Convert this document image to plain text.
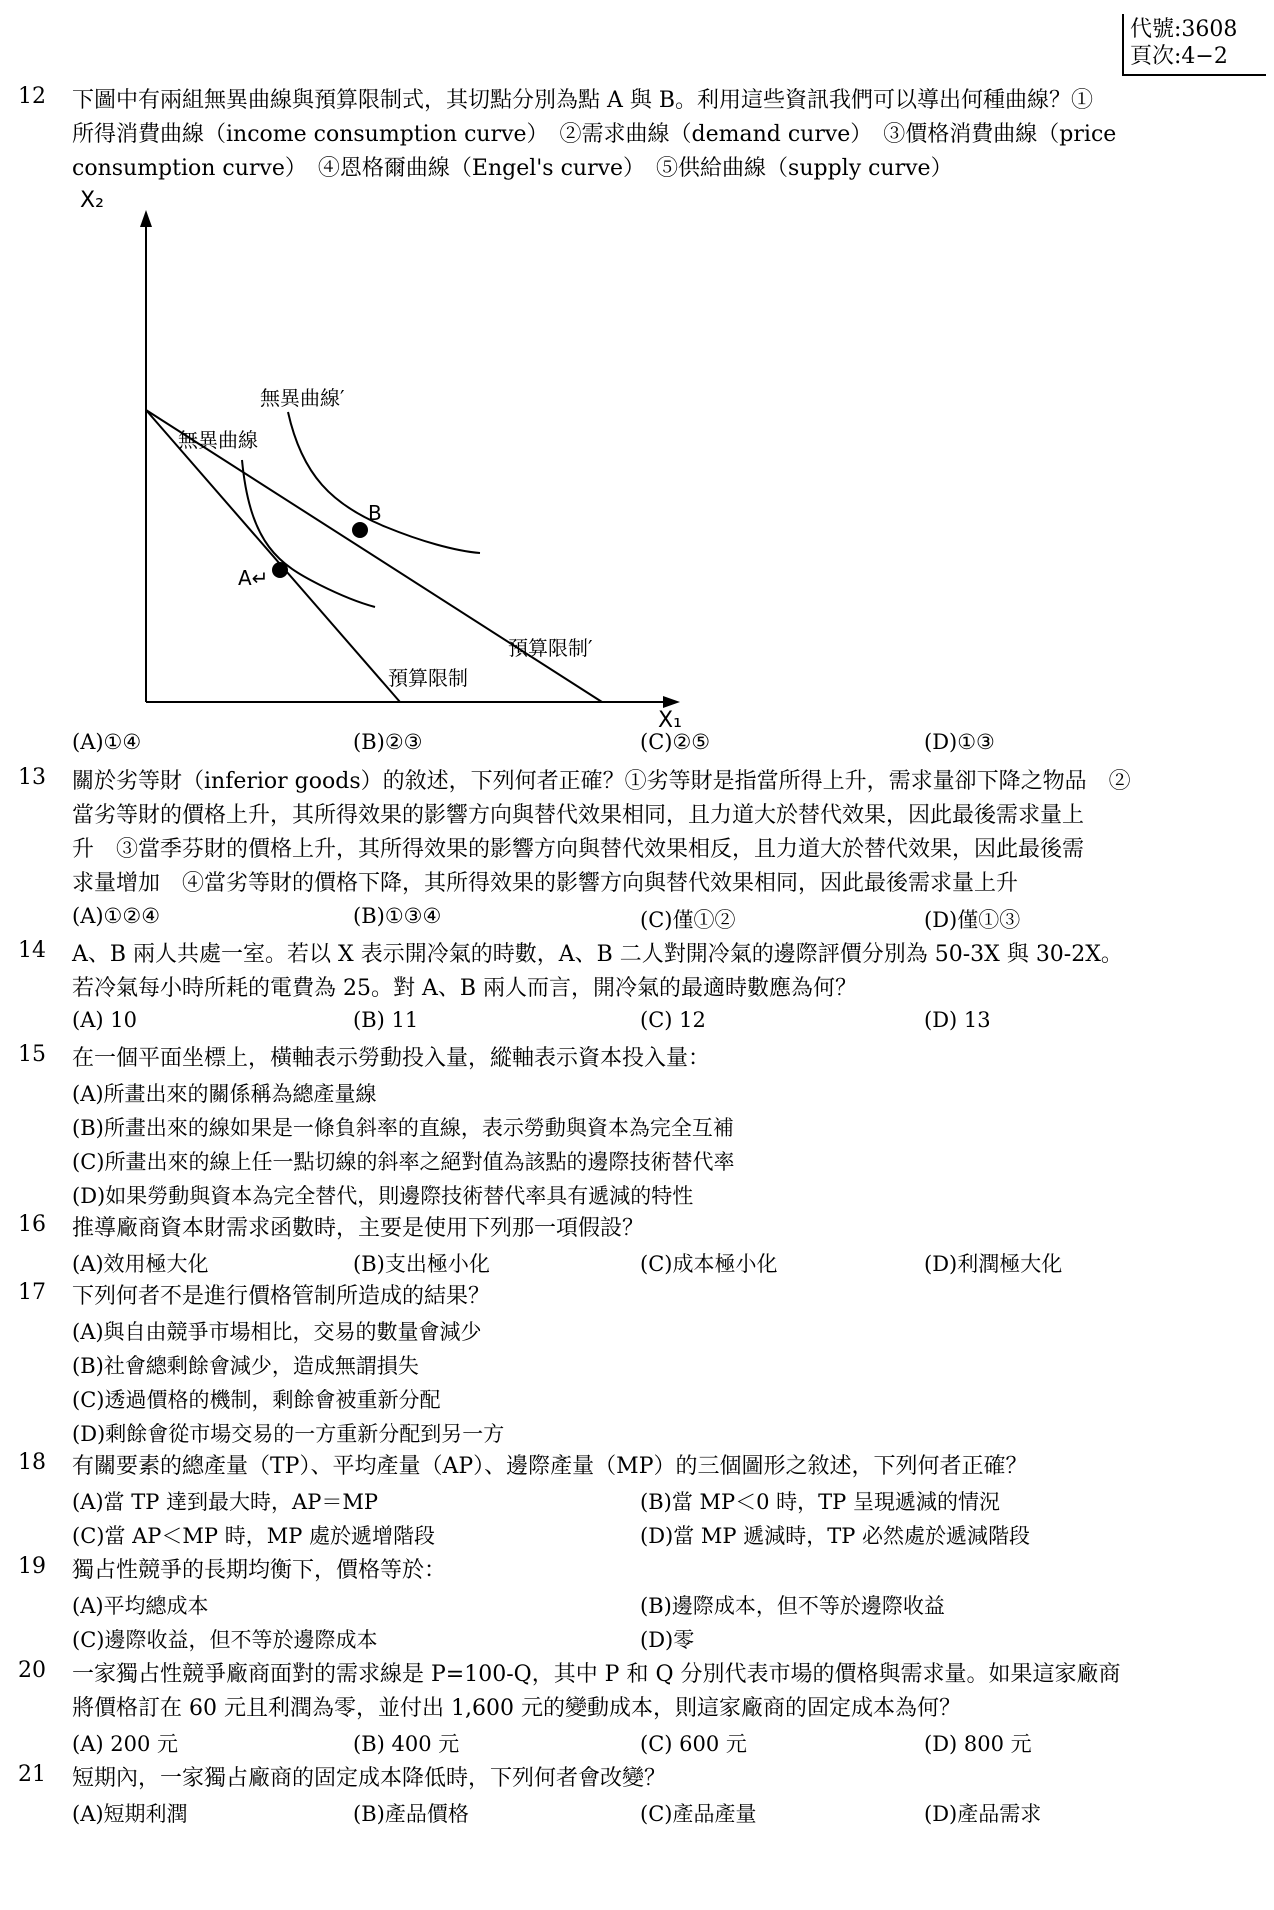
代號:3608
頁次:4−2
12	下圖中有兩組無異曲線與預算限制式，其切點分別為點 A 與 B。利用這些資訊我們可以導出何種曲線？①
所得消費曲線（income consumption curve）　②需求曲線（demand curve）　③價格消費曲線（price
consumption curve）　④恩格爾曲線（Engel's curve）　⑤供給曲線（supply curve）
X₂
X₁
A↵
B
無異曲線
無異曲線′
預算限制
預算限制′
(A)①④	(B)②③	(C)②⑤	(D)①③
13	關於劣等財（inferior goods）的敘述，下列何者正確？①劣等財是指當所得上升，需求量卻下降之物品　②
當劣等財的價格上升，其所得效果的影響方向與替代效果相同，且力道大於替代效果，因此最後需求量上
升　③當季芬財的價格上升，其所得效果的影響方向與替代效果相反，且力道大於替代效果，因此最後需
求量增加　④當劣等財的價格下降，其所得效果的影響方向與替代效果相同，因此最後需求量上升
(A)①②④	(B)①③④	(C)僅①②	(D)僅①③
14	A、B 兩人共處一室。若以 X 表示開冷氣的時數，A、B 二人對開冷氣的邊際評價分別為 50-3X 與 30-2X。
若冷氣每小時所耗的電費為 25。對 A、B 兩人而言，開冷氣的最適時數應為何？
(A) 10	(B) 11	(C) 12	(D) 13
15	在一個平面坐標上，橫軸表示勞動投入量，縱軸表示資本投入量：
(A)所畫出來的關係稱為總產量線
(B)所畫出來的線如果是一條負斜率的直線，表示勞動與資本為完全互補
(C)所畫出來的線上任一點切線的斜率之絕對值為該點的邊際技術替代率
(D)如果勞動與資本為完全替代，則邊際技術替代率具有遞減的特性
16	推導廠商資本財需求函數時，主要是使用下列那一項假設？
(A)效用極大化	(B)支出極小化	(C)成本極小化	(D)利潤極大化
17	下列何者不是進行價格管制所造成的結果？
(A)與自由競爭市場相比，交易的數量會減少
(B)社會總剩餘會減少，造成無謂損失
(C)透過價格的機制，剩餘會被重新分配
(D)剩餘會從市場交易的一方重新分配到另一方
18	有關要素的總產量（TP）、平均產量（AP）、邊際產量（MP）的三個圖形之敘述，下列何者正確？
(A)當 TP 達到最大時，AP＝MP	(B)當 MP＜0 時，TP 呈現遞減的情況
(C)當 AP＜MP 時，MP 處於遞增階段	(D)當 MP 遞減時，TP 必然處於遞減階段
19	獨占性競爭的長期均衡下，價格等於：
(A)平均總成本	(B)邊際成本，但不等於邊際收益
(C)邊際收益，但不等於邊際成本	(D)零
20	一家獨占性競爭廠商面對的需求線是 P=100-Q，其中 P 和 Q 分別代表市場的價格與需求量。如果這家廠商
將價格訂在 60 元且利潤為零，並付出 1,600 元的變動成本，則這家廠商的固定成本為何？
(A) 200 元	(B) 400 元	(C) 600 元	(D) 800 元
21	短期內，一家獨占廠商的固定成本降低時，下列何者會改變？
(A)短期利潤	(B)產品價格	(C)產品產量	(D)產品需求
